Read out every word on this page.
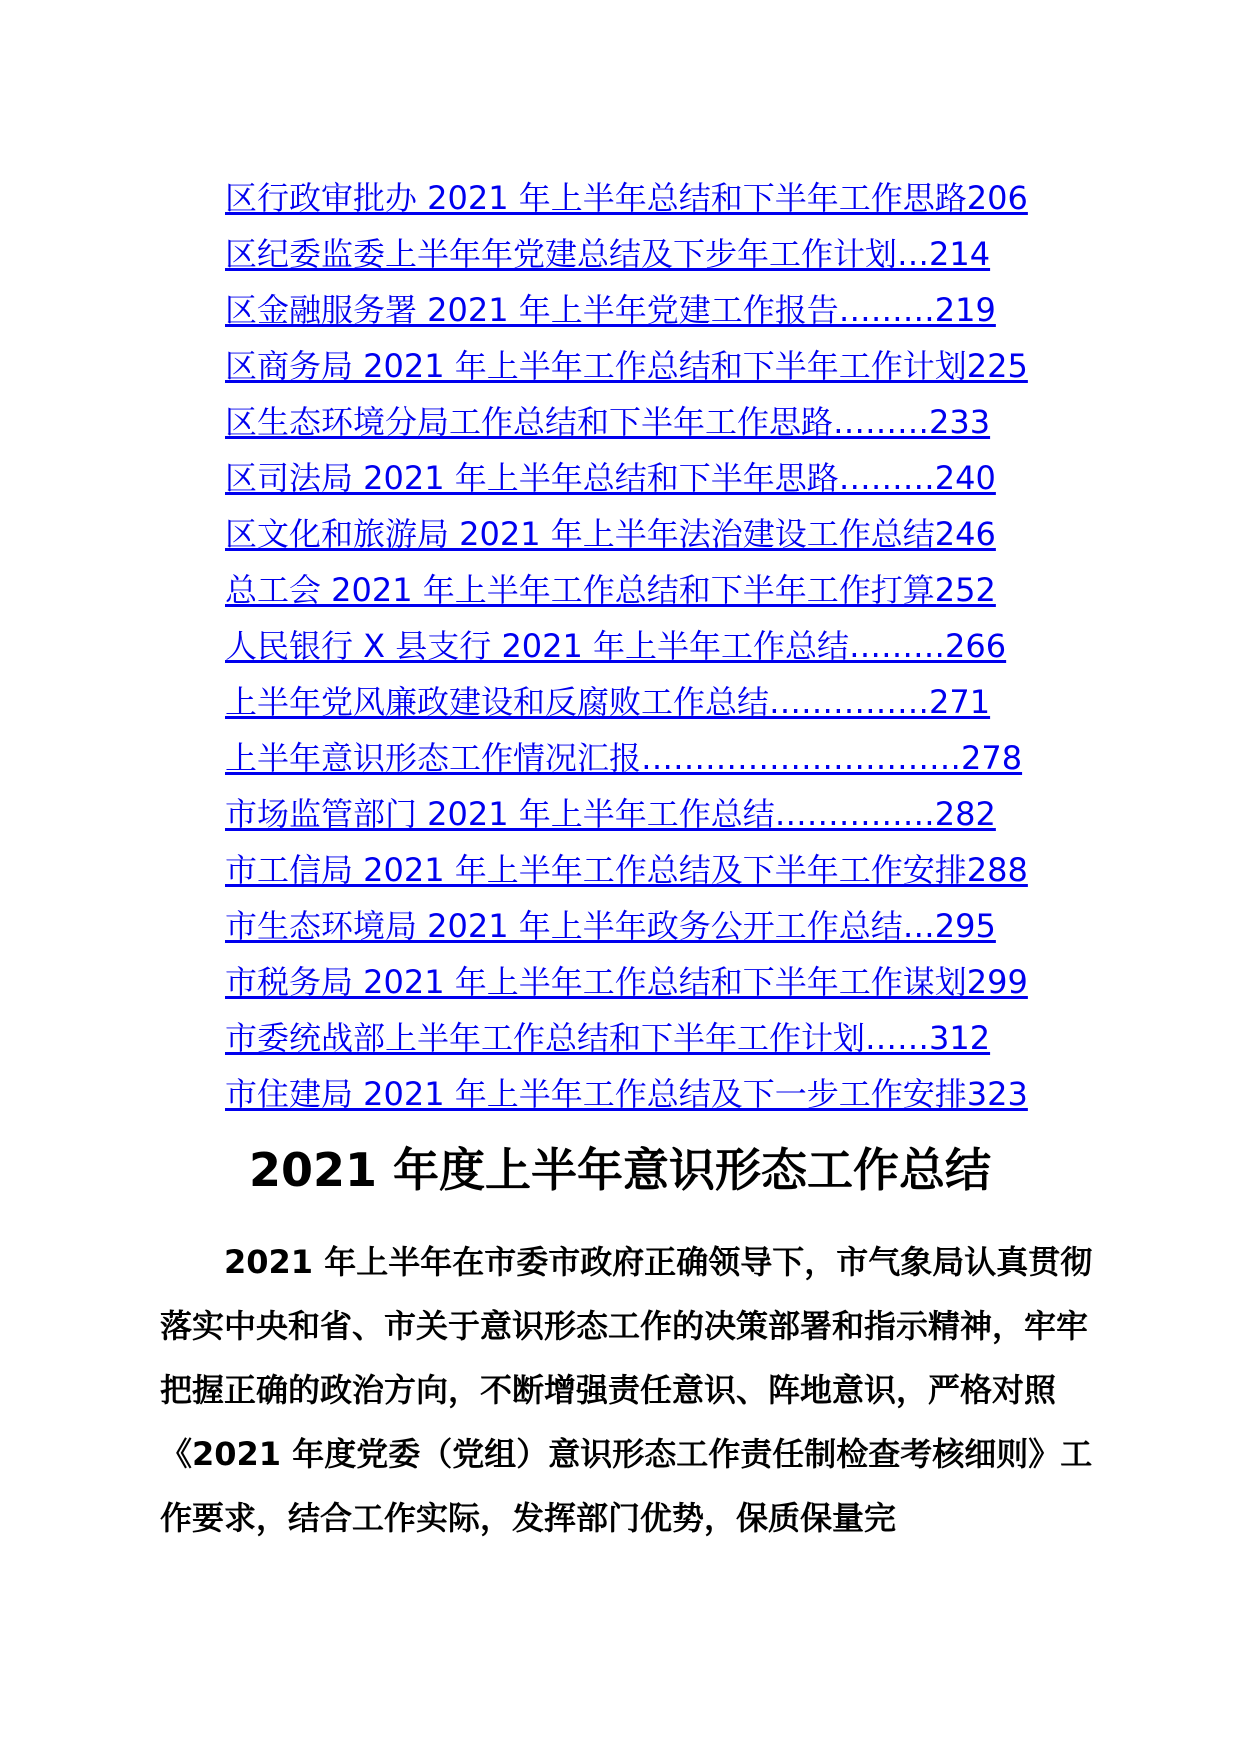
区行政审批办 2021 年上半年总结和下半年工作思路206
区纪委监委上半年年党建总结及下步年工作计划…214
区金融服务署 2021 年上半年党建工作报告………219
区商务局 2021 年上半年工作总结和下半年工作计划225
区生态环境分局工作总结和下半年工作思路………233
区司法局 2021 年上半年总结和下半年思路………240
区文化和旅游局 2021 年上半年法治建设工作总结246
总工会 2021 年上半年工作总结和下半年工作打算252
人民银行 X 县支行 2021 年上半年工作总结………266
上半年党风廉政建设和反腐败工作总结……………271
上半年意识形态工作情况汇报…………………………278
市场监管部门 2021 年上半年工作总结……………282
市工信局 2021 年上半年工作总结及下半年工作安排288
市生态环境局 2021 年上半年政务公开工作总结…295
市税务局 2021 年上半年工作总结和下半年工作谋划299
市委统战部上半年工作总结和下半年工作计划……312
市住建局 2021 年上半年工作总结及下一步工作安排323
2021 年度上半年意识形态工作总结

2021 年上半年在市委市政府正确领导下，市气象局认真贯彻落实中央和省、市关于意识形态工作的决策部署和指示精神，牢牢把握正确的政治方向，不断增强责任意识、阵地意识，严格对照《2021 年度党委（党组）意识形态工作责任制检查考核细则》工作要求，结合工作实际，发挥部门优势，保质保量完
